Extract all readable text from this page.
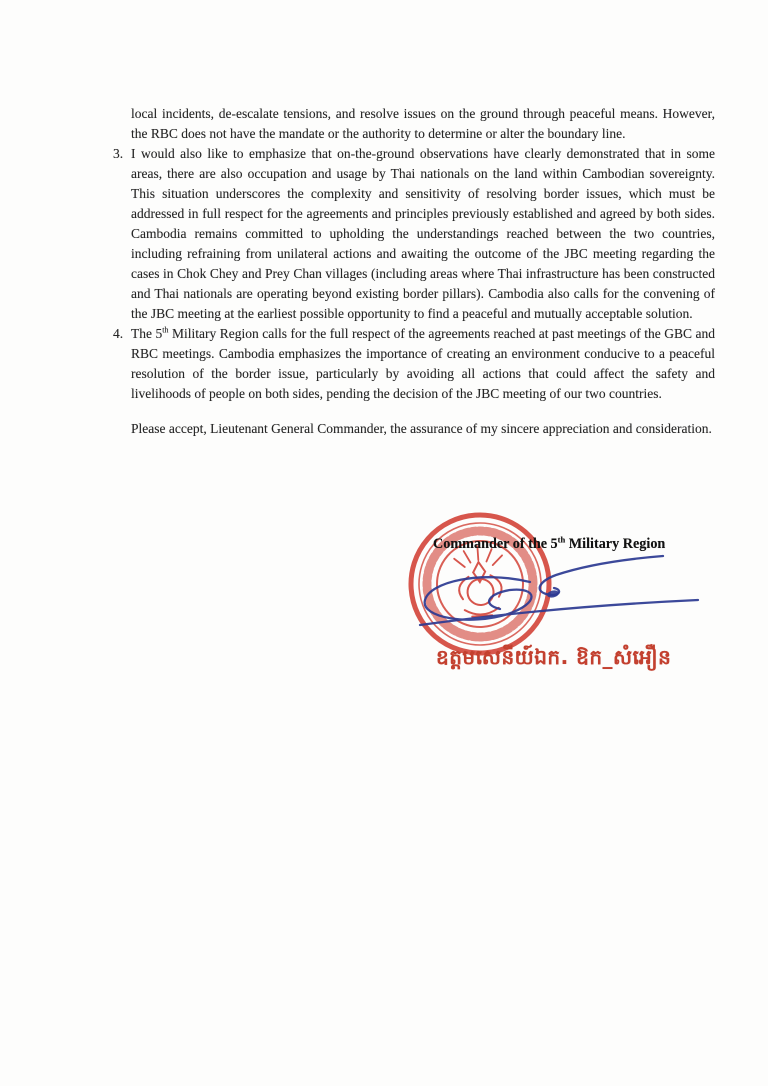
local incidents, de-escalate tensions, and resolve issues on the ground through peaceful means. However, the RBC does not have the mandate or the authority to determine or alter the boundary line.
3. I would also like to emphasize that on-the-ground observations have clearly demonstrated that in some areas, there are also occupation and usage by Thai nationals on the land within Cambodian sovereignty. This situation underscores the complexity and sensitivity of resolving border issues, which must be addressed in full respect for the agreements and principles previously established and agreed by both sides. Cambodia remains committed to upholding the understandings reached between the two countries, including refraining from unilateral actions and awaiting the outcome of the JBC meeting regarding the cases in Chok Chey and Prey Chan villages (including areas where Thai infrastructure has been constructed and Thai nationals are operating beyond existing border pillars). Cambodia also calls for the convening of the JBC meeting at the earliest possible opportunity to find a peaceful and mutually acceptable solution.
4. The 5th Military Region calls for the full respect of the agreements reached at past meetings of the GBC and RBC meetings. Cambodia emphasizes the importance of creating an environment conducive to a peaceful resolution of the border issue, particularly by avoiding all actions that could affect the safety and livelihoods of people on both sides, pending the decision of the JBC meeting of our two countries.
Please accept, Lieutenant General Commander, the assurance of my sincere appreciation and consideration.
Commander of the 5th Military Region
ឧត្តមសេនីយ៍ឯក. ឱក_សំអឿន
